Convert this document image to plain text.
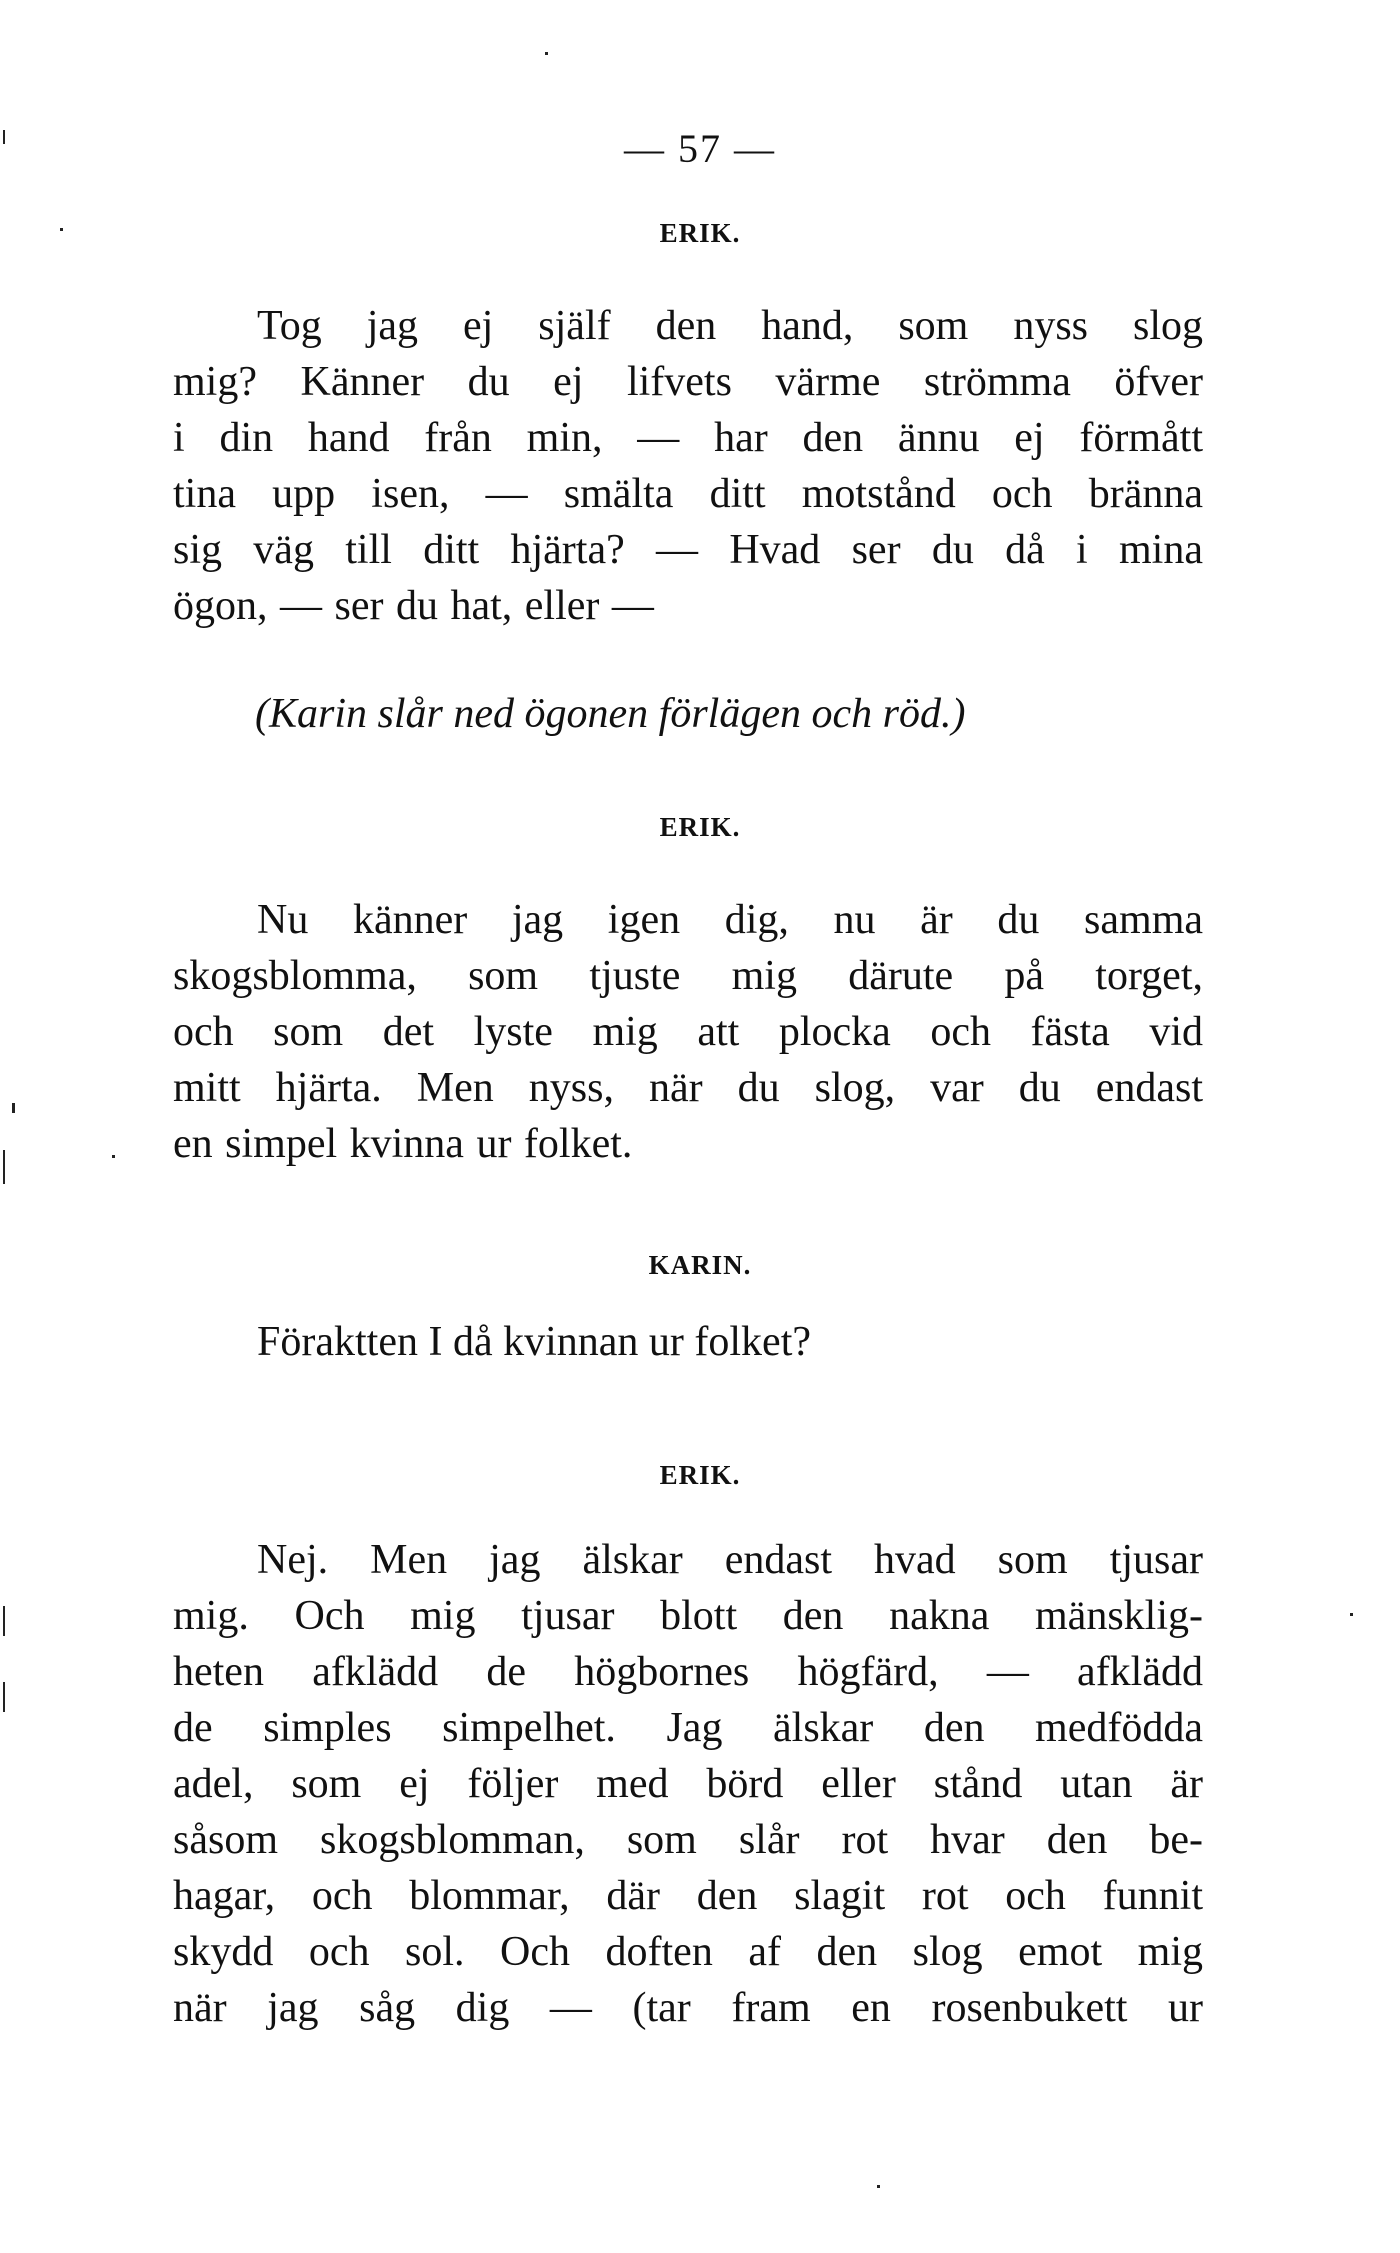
— 57 —
ERIK.
Tog jag ej själf den hand, som nyss slog
mig? Känner du ej lifvets värme strömma öfver
i din hand från min, — har den ännu ej förmått
tina upp isen, — smälta ditt motstånd och bränna
sig väg till ditt hjärta? — Hvad ser du då i mina
ögon, — ser du hat, eller —
(Karin slår ned ögonen förlägen och röd.)
ERIK.
Nu känner jag igen dig, nu är du samma
skogsblomma, som tjuste mig därute på torget,
och som det lyste mig att plocka och fästa vid
mitt hjärta. Men nyss, när du slog, var du endast
en simpel kvinna ur folket.
KARIN.
Föraktten I då kvinnan ur folket?
ERIK.
Nej. Men jag älskar endast hvad som tjusar
mig. Och mig tjusar blott den nakna mänsklig-
heten afklädd de högbornes högfärd, — afklädd
de simples simpelhet. Jag älskar den medfödda
adel, som ej följer med börd eller stånd utan är
såsom skogsblomman, som slår rot hvar den be-
hagar, och blommar, där den slagit rot och funnit
skydd och sol. Och doften af den slog emot mig
när jag såg dig — (tar fram en rosenbukett ur
